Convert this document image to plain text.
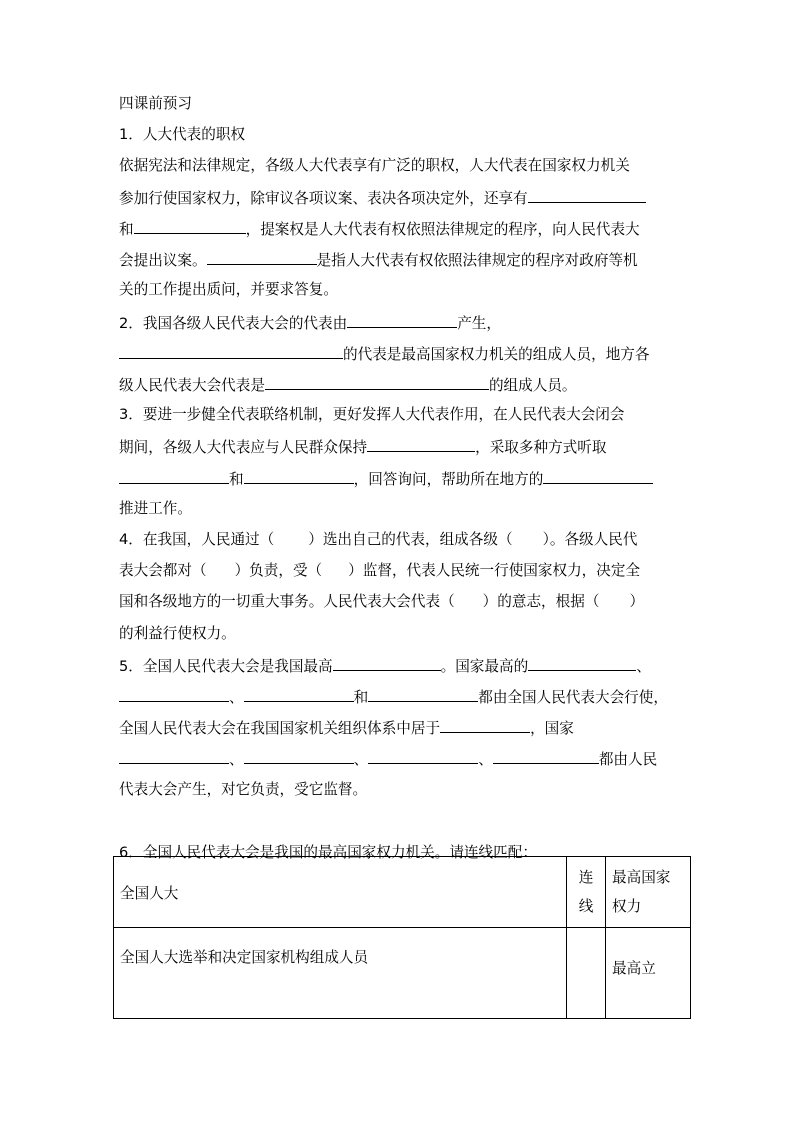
四课前预习
1．人大代表的职权
依据宪法和法律规定，各级人大代表享有广泛的职权，人大代表在国家权力机关
参加行使国家权力，除审议各项议案、表决各项决定外，还享有
和	，提案权是人大代表有权依照法律规定的程序，向人民代表大
会提出议案。	是指人大代表有权依照法律规定的程序对政府等机
关的工作提出质问，并要求答复。
2．我国各级人民代表大会的代表由	产生，
的代表是最高国家权力机关的组成人员，地方各
级人民代表大会代表是	的组成人员。
3．要进一步健全代表联络机制，更好发挥人大代表作用，在人民代表大会闭会
期间，各级人大代表应与人民群众保持	，采取多种方式听取
和	，回答询问，帮助所在地方的
推进工作。
4．在我国，人民通过（ ）选出自己的代表，组成各级（ ）。各级人民代
表大会都对（ ）负责，受（ ）监督，代表人民统一行使国家权力，决定全
国和各级地方的一切重大事务。人民代表大会代表（ ）的意志，根据（ ）
的利益行使权力。
5．全国人民代表大会是我国最高	。国家最高的	、
、	和	都由全国人民代表大会行使，
全国人民代表大会在我国国家机关组织体系中居于	，国家
、	、	、	都由人民
代表大会产生，对它负责，受它监督。
6．全国人民代表大会是我国的最高国家权力机关。请连线匹配：
全国人大	连线	最高国家权力

全国人大选举和决定国家机构组成人员		最高立
